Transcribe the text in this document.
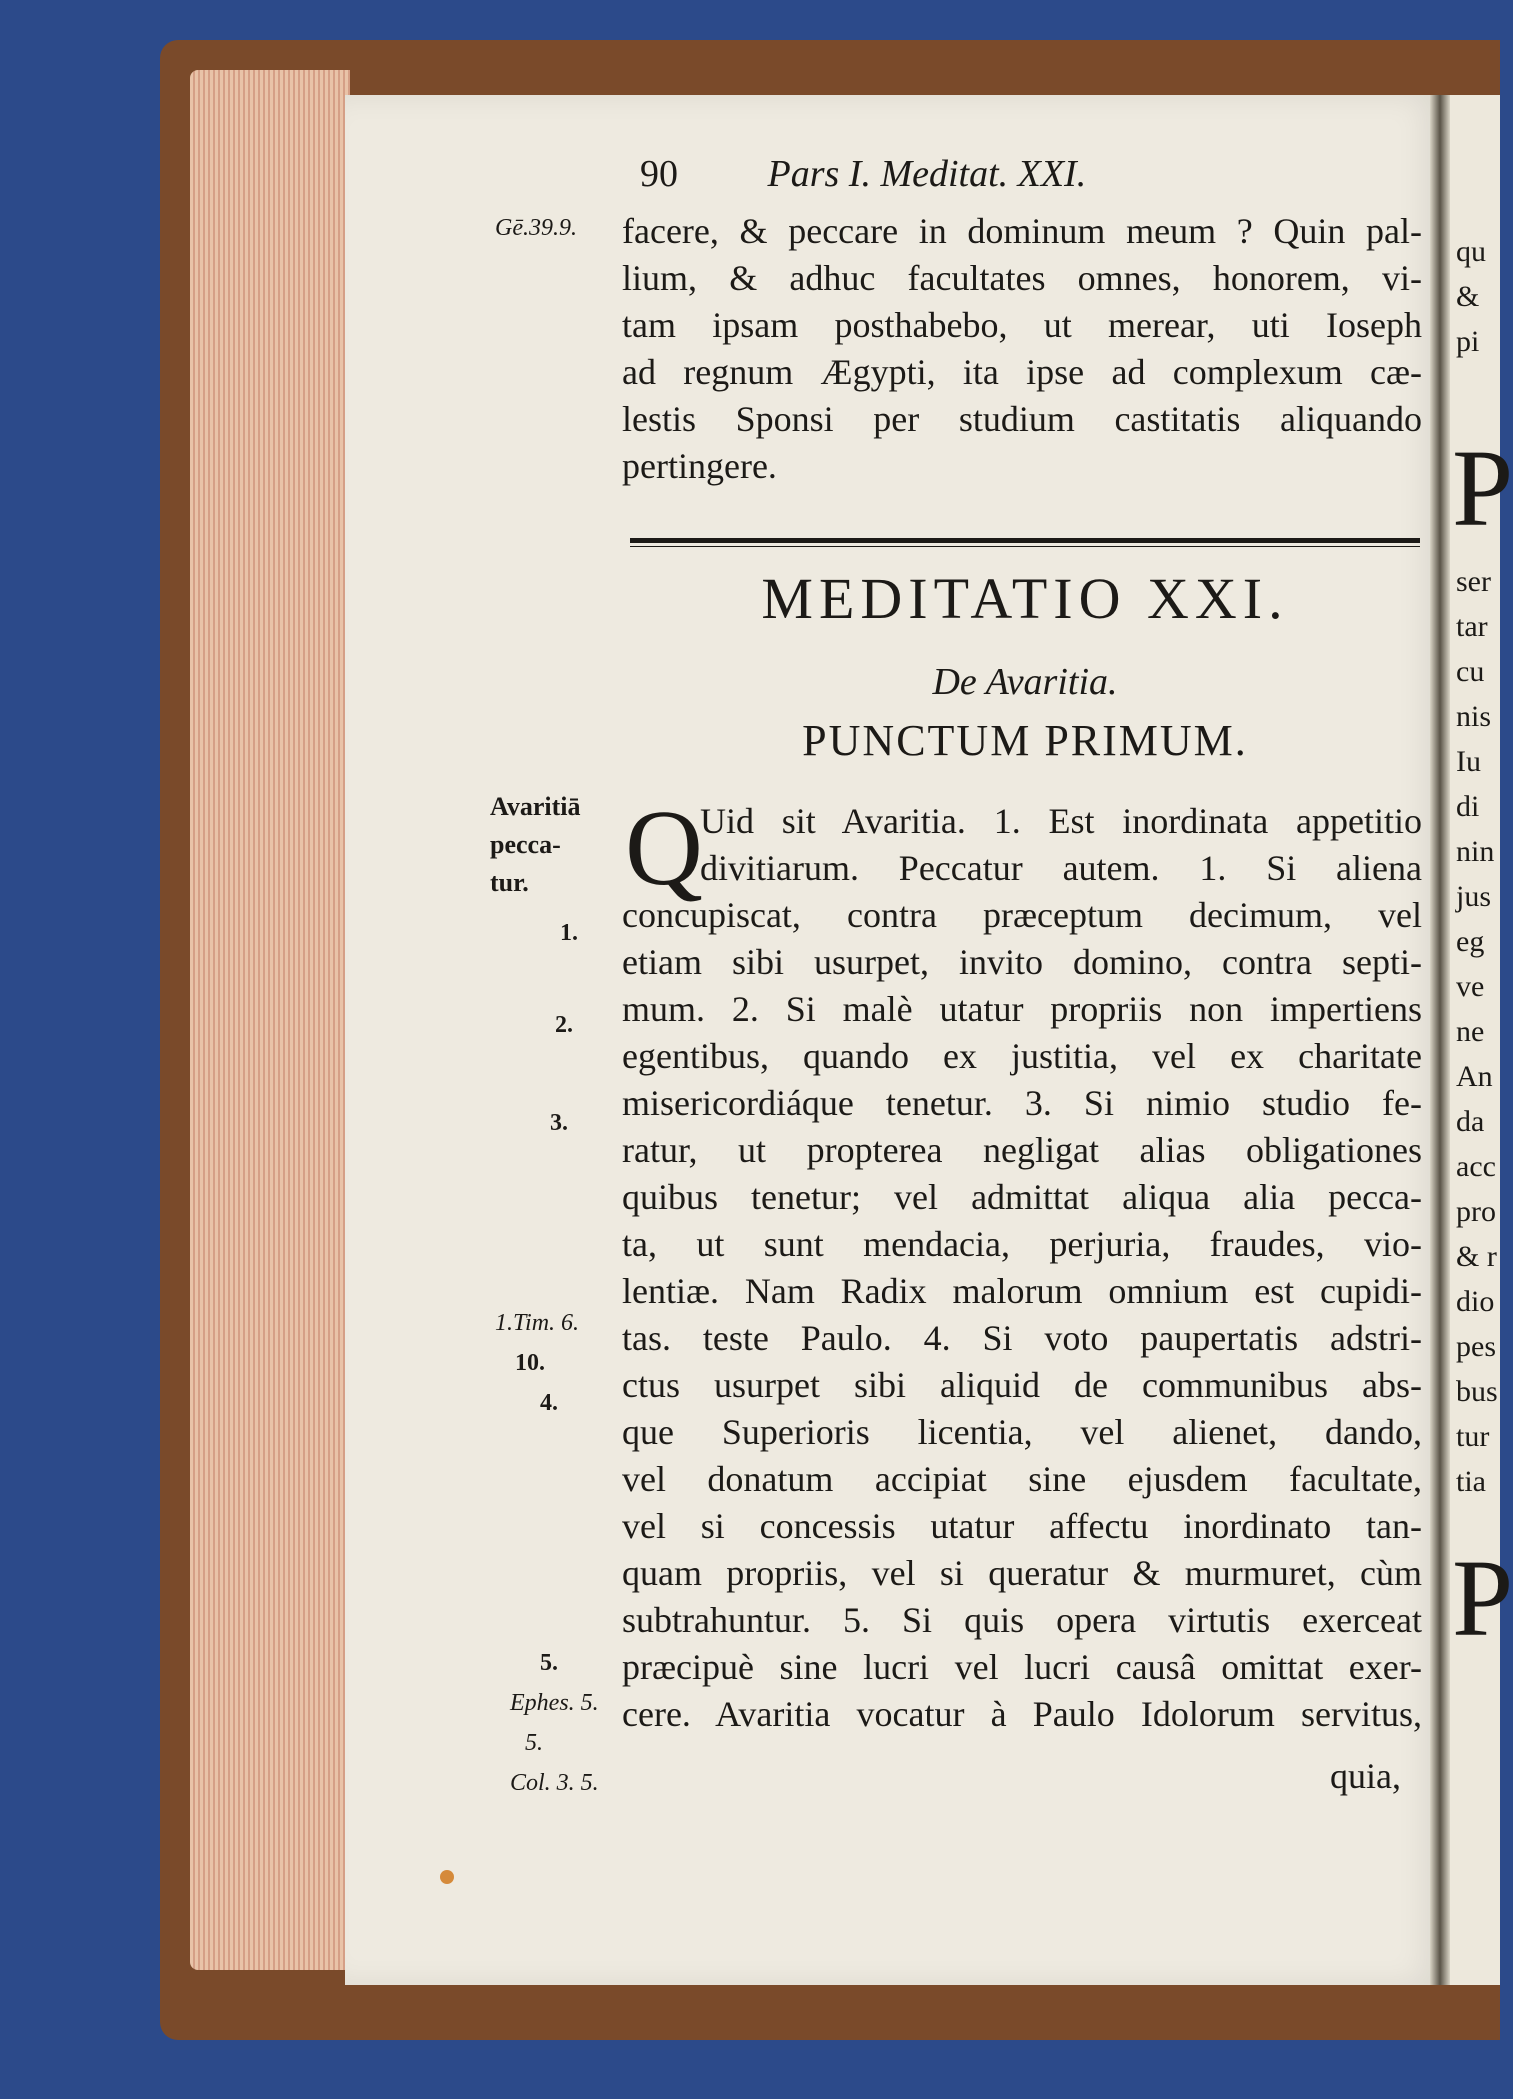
qu
&
pi
P
ser
tar
cu
nis
Iu
di
nin
jus
eg
ve
ne
An
da
acc
pro
& r
dio
pes
bus
tur
tia
P
90 Pars I. Meditat. XXI.
Gē.39.9.
Avaritiā
pecca-
tur.
1.
2.
3.
1.Tim. 6.
10.
4.
5.
Ephes. 5.
5.
Col. 3. 5.
facere, & peccare in dominum meum ? Quin pal-
lium, & adhuc facultates omnes, honorem, vi-
tam ipsam posthabebo, ut merear, uti Ioseph
ad regnum Ægypti, ita ipse ad complexum cæ-
lestis Sponsi per studium castitatis aliquando
pertingere.
MEDITATIO XXI.
De Avaritia.
PUNCTUM PRIMUM.
Q
Uid sit Avaritia. 1. Est inordinata appetitio
divitiarum. Peccatur autem. 1. Si aliena
concupiscat, contra præceptum decimum, vel
etiam sibi usurpet, invito domino, contra septi-
mum. 2. Si malè utatur propriis non impertiens
egentibus, quando ex justitia, vel ex charitate
misericordiáque tenetur. 3. Si nimio studio fe-
ratur, ut propterea negligat alias obligationes
quibus tenetur; vel admittat aliqua alia pecca-
ta, ut sunt mendacia, perjuria, fraudes, vio-
lentiæ. Nam Radix malorum omnium est cupidi-
tas. teste Paulo. 4. Si voto paupertatis adstri-
ctus usurpet sibi aliquid de communibus abs-
que Superioris licentia, vel alienet, dando,
vel donatum accipiat sine ejusdem facultate,
vel si concessis utatur affectu inordinato tan-
quam propriis, vel si queratur & murmuret, cùm
subtrahuntur. 5. Si quis opera virtutis exerceat
præcipuè sine lucri vel lucri causâ omittat exer-
cere. Avaritia vocatur à Paulo Idolorum servitus,
quia,
